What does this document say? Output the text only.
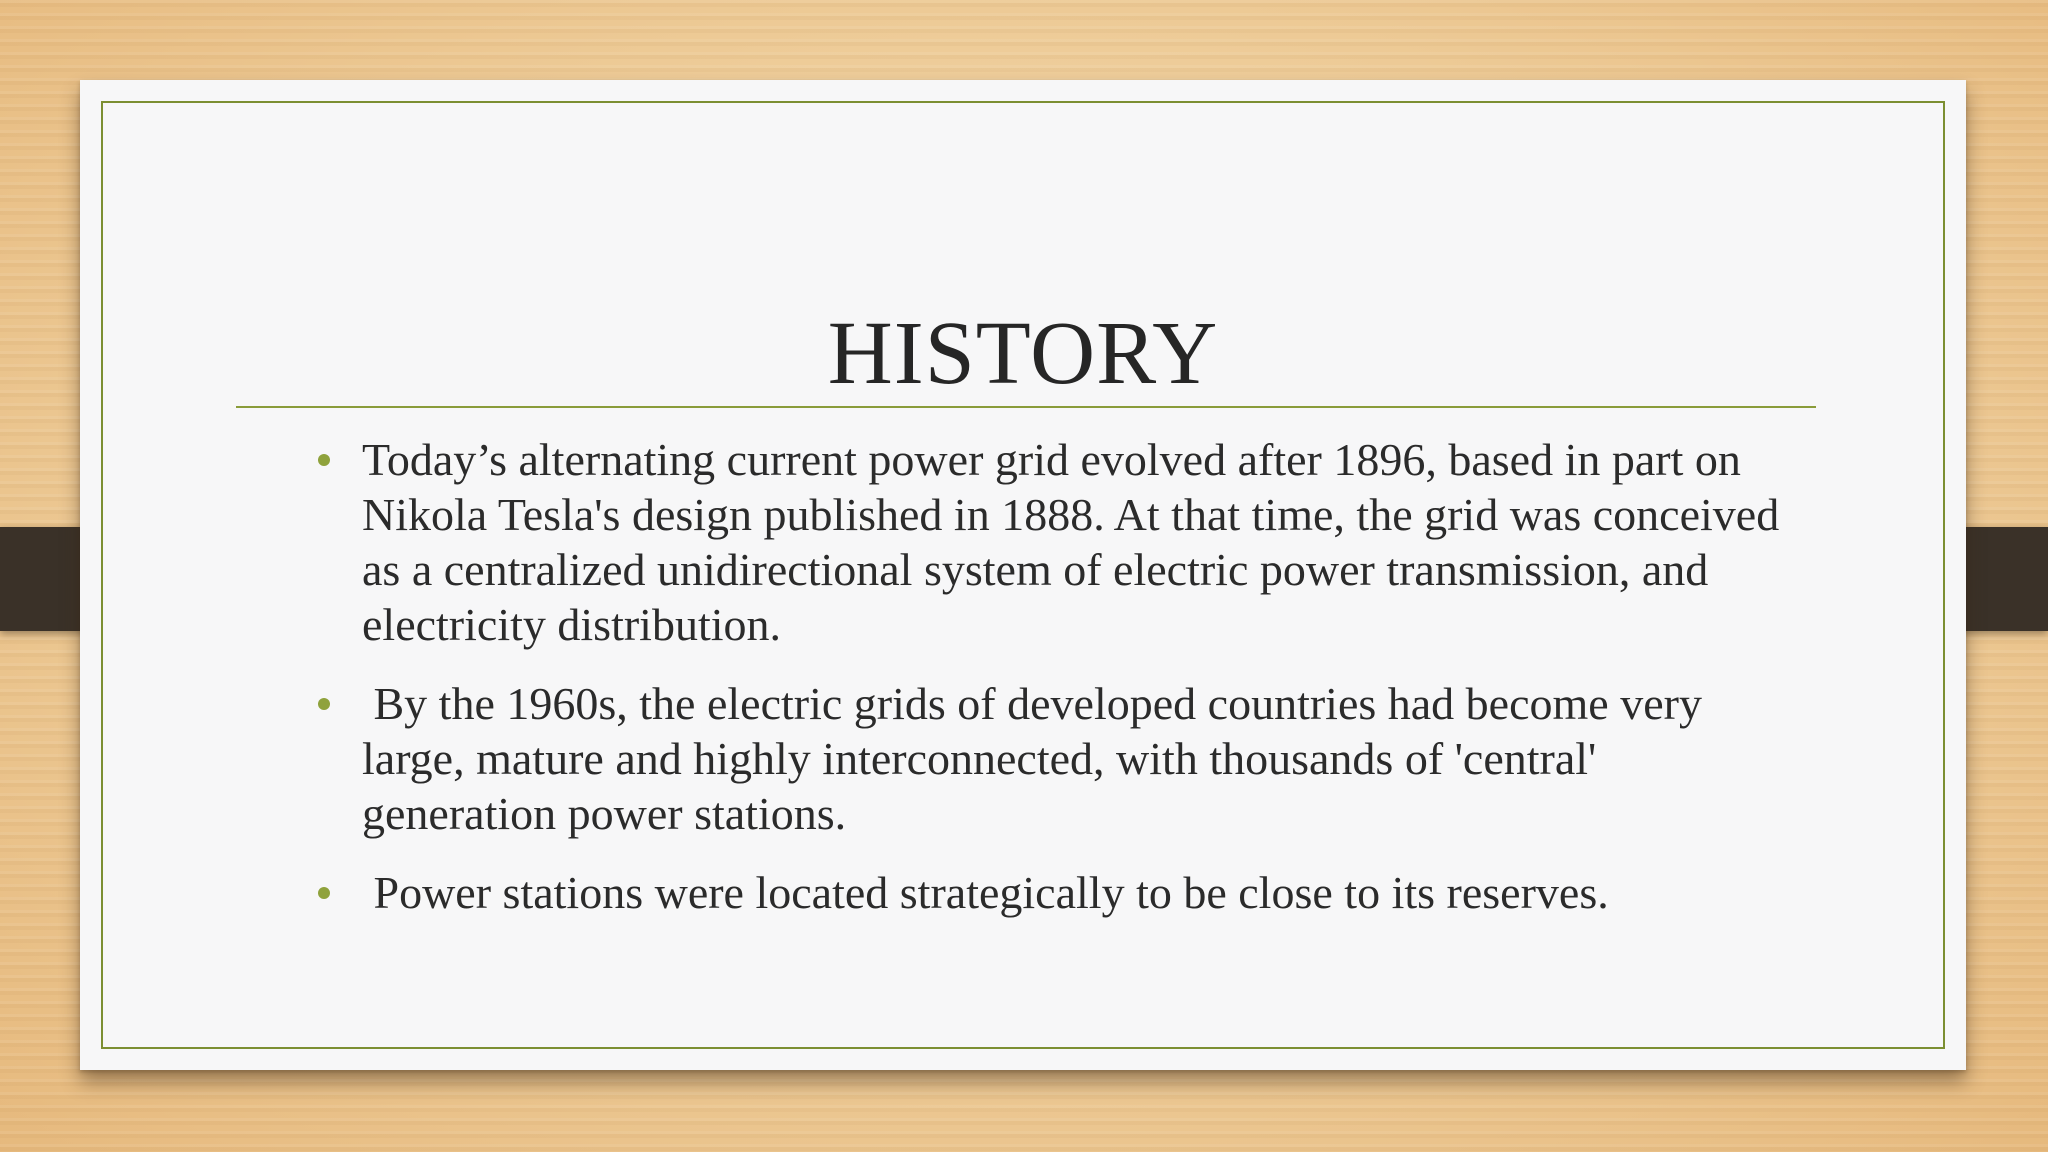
HISTORY
Today’s alternating current power grid evolved after 1896, based in part on Nikola Tesla's design published in 1888. At that time, the grid was conceived as a centralized unidirectional system of electric power transmission, and electricity distribution.
By the 1960s, the electric grids of developed countries had become very large, mature and highly interconnected, with thousands of 'central' generation power stations.
Power stations were located strategically to be close to its reserves.
